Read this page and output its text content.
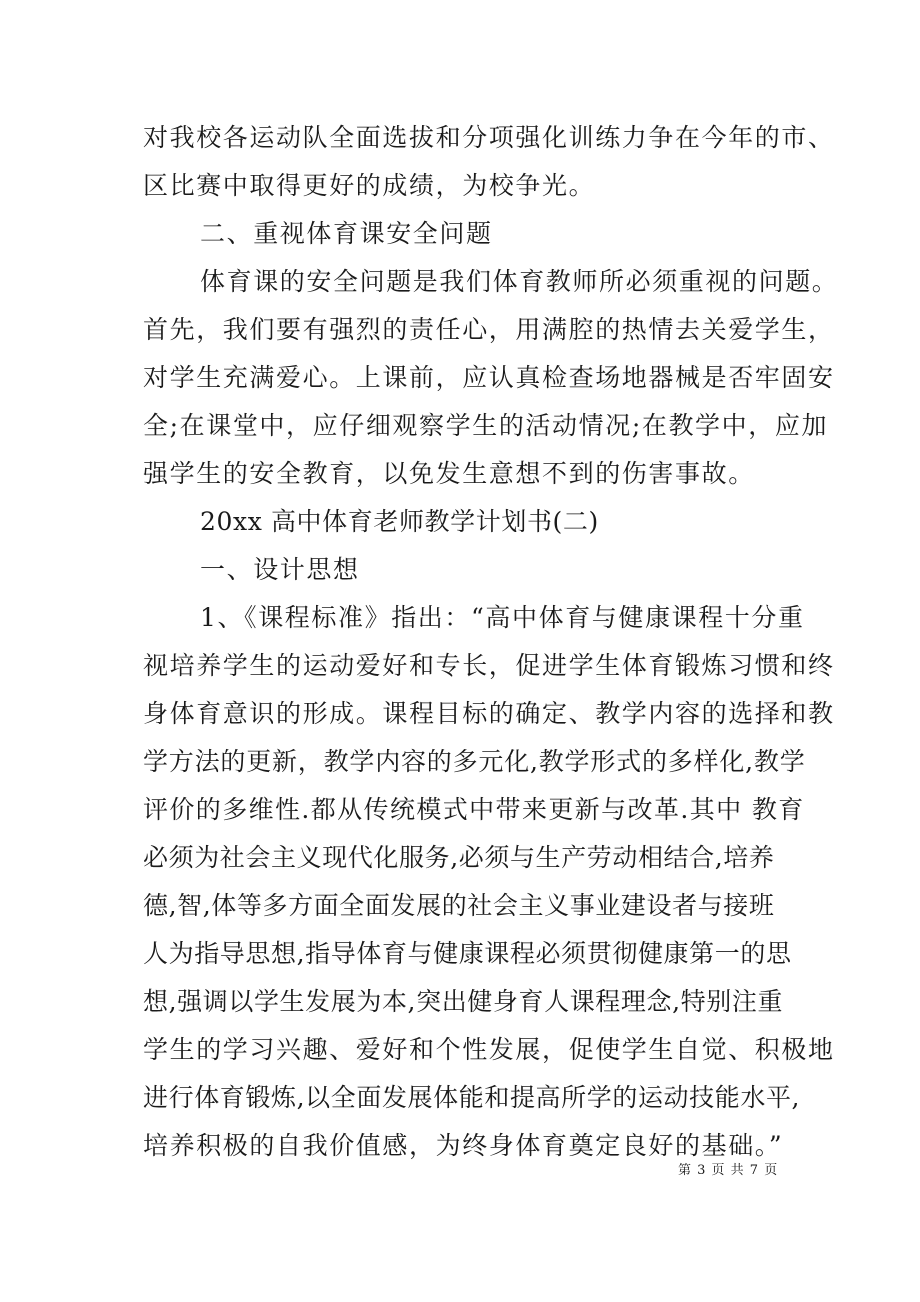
对我校各运动队全面选拔和分项强化训练力争在今年的市、
区比赛中取得更好的成绩，为校争光。
二、重视体育课安全问题
体育课的安全问题是我们体育教师所必须重视的问题。
首先，我们要有强烈的责任心，用满腔的热情去关爱学生，
对学生充满爱心。上课前，应认真检查场地器械是否牢固安
全;在课堂中，应仔细观察学生的活动情况;在教学中，应加
强学生的安全教育，以免发生意想不到的伤害事故。
20xx 高中体育老师教学计划书(二)
一、设计思想
1、《课程标准》指出：“高中体育与健康课程十分重
视培养学生的运动爱好和专长，促进学生体育锻炼习惯和终
身体育意识的形成。课程目标的确定、教学内容的选择和教
学方法的更新，教学内容的多元化,教学形式的多样化,教学
评价的多维性.都从传统模式中带来更新与改革.其中 教育
必须为社会主义现代化服务,必须与生产劳动相结合,培养
德,智,体等多方面全面发展的社会主义事业建设者与接班
人为指导思想,指导体育与健康课程必须贯彻健康第一的思
想,强调以学生发展为本,突出健身育人课程理念,特别注重
学生的学习兴趣、爱好和个性发展，促使学生自觉、积极地
进行体育锻炼,以全面发展体能和提高所学的运动技能水平,
培养积极的自我价值感，为终身体育奠定良好的基础。”
第 3 页 共 7 页
